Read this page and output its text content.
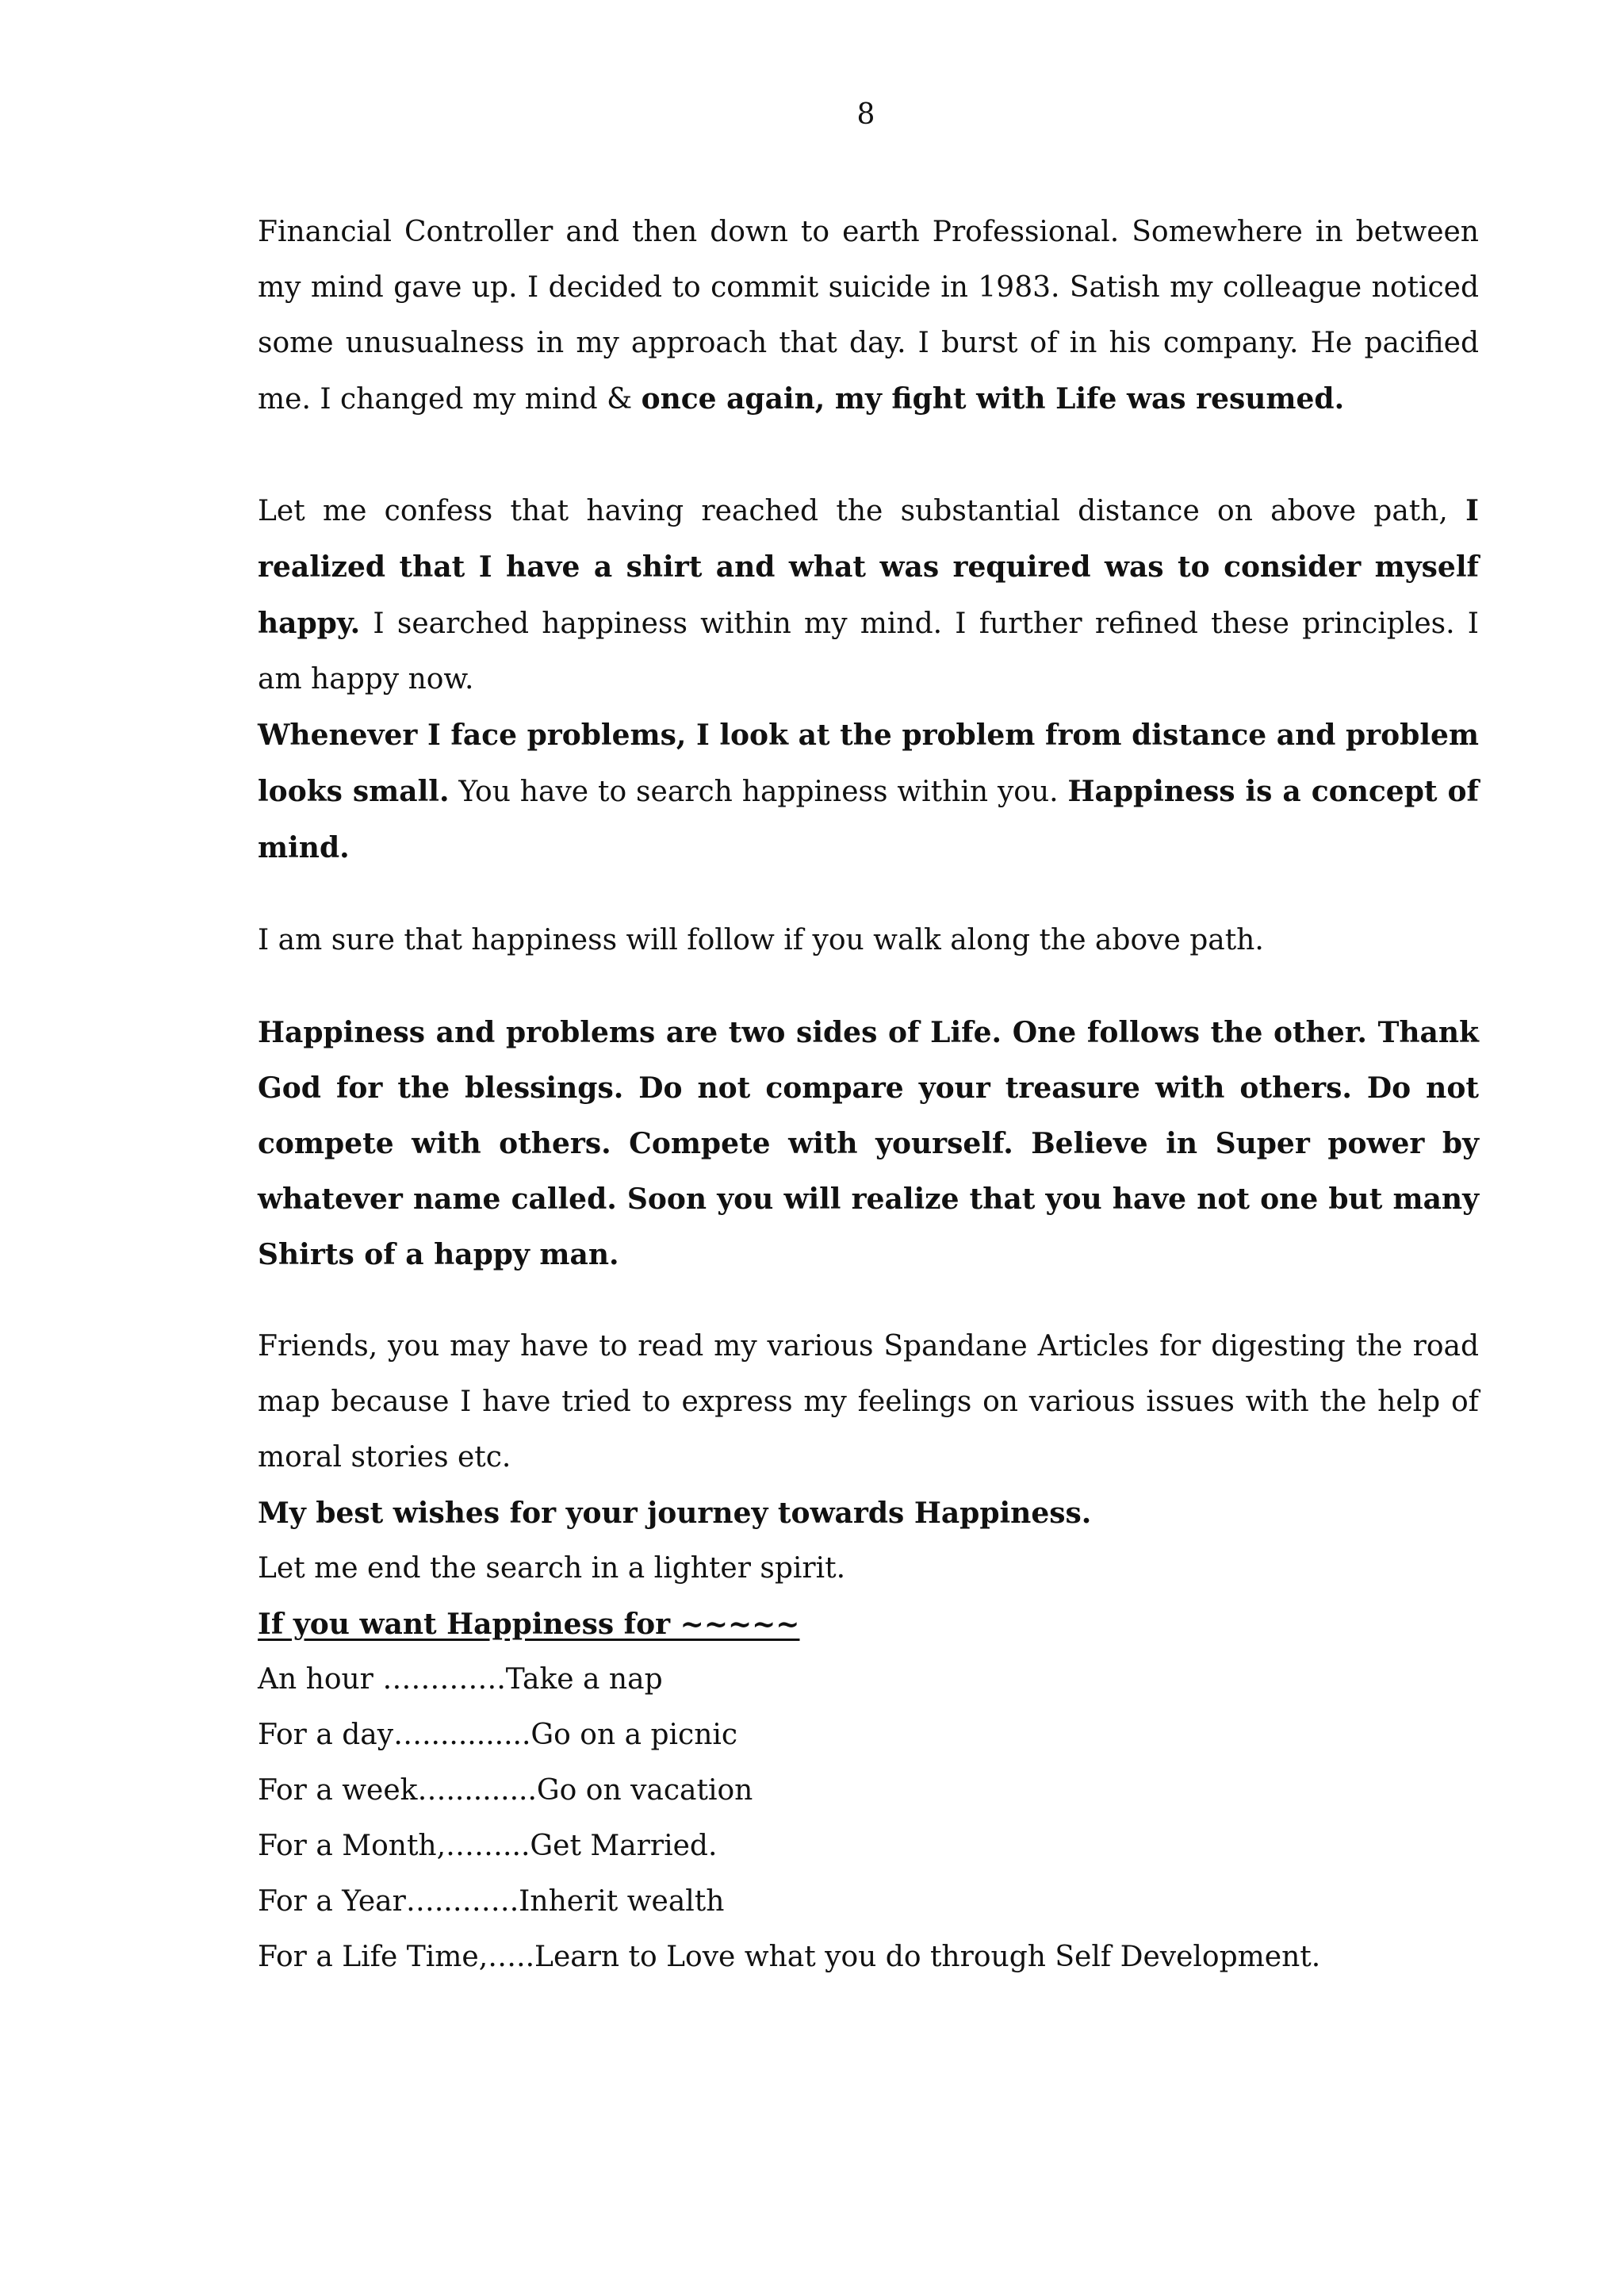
8

Financial Controller and then down to earth Professional. Somewhere in between my mind gave up. I decided to commit suicide in 1983. Satish my colleague noticed some unusualness in my approach that day. I burst of in his company. He pacified me. I changed my mind & once again, my fight with Life was resumed.

Let me confess that having reached the substantial distance on above path, I realized that I have a shirt and what was required was to consider myself happy. I searched happiness within my mind. I further refined these principles. I am happy now.

Whenever I face problems, I look at the problem from distance and problem looks small. You have to search happiness within you. Happiness is a concept of mind.

I am sure that happiness will follow if you walk along the above path.

Happiness and problems are two sides of Life. One follows the other. Thank God for the blessings. Do not compare your treasure with others. Do not compete with others. Compete with yourself. Believe in Super power by whatever name called. Soon you will realize that you have not one but many Shirts of a happy man.

Friends, you may have to read my various Spandane Articles for digesting the road map because I have tried to express my feelings on various issues with the help of moral stories etc.

My best wishes for your journey towards Happiness.

Let me end the search in a lighter spirit.

If you want Happiness for ~~~~~

An hour ………….Take a nap

For a day…............Go on a picnic

For a week…..........Go on vacation

For a Month,……...Get Married.

For a Year…..…….Inherit wealth

For a Life Time,…..Learn to Love what you do through Self Development.
